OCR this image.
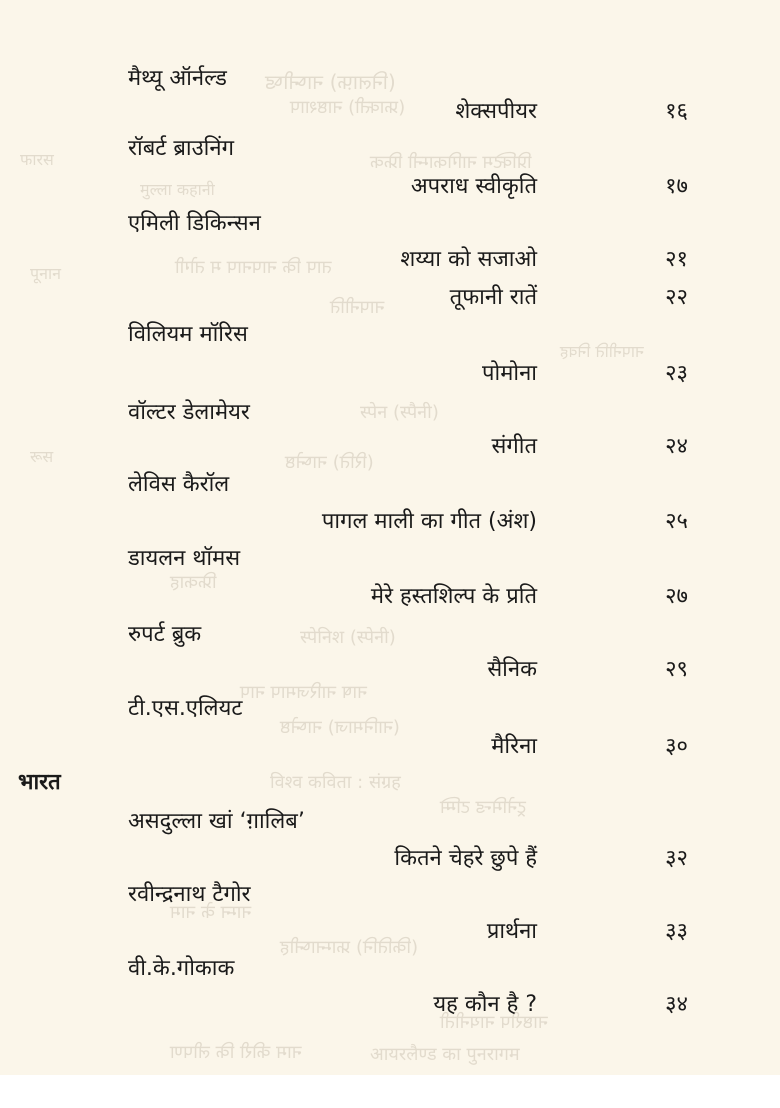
(निलाफ़) नाष्नीष्ड
(फ्राक्ती) नाष्ठशाप
प्रिक्टिम नागिकाम्नी फ्रिक
फारस
मुल्ला कहानी
पूनान	ताप कि नापनाप म तोगी
नापनीति
नापनीति निवह
स्पेन (स्पैनी)
(रिति) नाष्नेष्ठ
रूस
फ्रिकाह
स्पेनिश (स्पेनी)
नाष नारिजमाप नाप
(नानिमाज) नाष्नेष्ठ
विश्व कविता : संग्रह
ट्रनेमिन्ड टम्मि
नाम्न के नाम
(कितिनि) फ्राम्नाष्नीह
नाष्ठरीप नायनीती
नाम कीरी कि लीपण	आयरलैण्ड का पुनरागम
मैथ्यू ऑर्नल्ड
शेक्सपीयर	१६
रॉबर्ट ब्राउनिंग
अपराध स्वीकृति	१७
एमिली डिकिन्सन
शय्या को सजाओ	२१
तूफानी रातें	२२
विलियम मॉरिस
पोमोना	२३
वॉल्टर डेलामेयर
संगीत	२४
लेविस कैरॉल
पागल माली का गीत (अंश)	२५
डायलन थॉमस
मेरे हस्तशिल्प के प्रति	२७
रुपर्ट ब्रुक
सैनिक	२९
टी.एस.एलियट
मैरिना	३०
भारत
असदुल्ला खां ‘ग़ालिब’
कितने चेहरे छुपे हैं	३२
रवीन्द्रनाथ टैगोर
प्रार्थना	३३
वी.के.गोकाक
यह कौन है ?	३४
